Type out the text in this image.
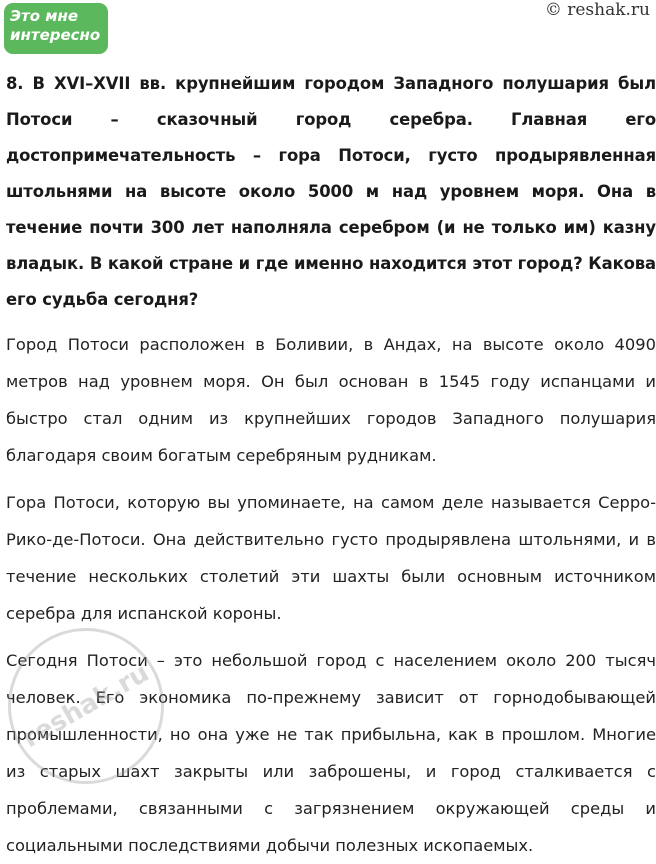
Это мне
интересно
© reshak.ru

8. В XVI–XVII вв. крупнейшим городом Западного полушария был Потоси – сказочный город серебра. Главная его достопримечательность – гора Потоси, густо продырявленная штольнями на высоте около 5000 м над уровнем моря. Она в течение почти 300 лет наполняла серебром (и не только им) казну владык. В какой стране и где именно находится этот город? Какова его судьба сегодня?

Город Потоси расположен в Боливии, в Андах, на высоте около 4090 метров над уровнем моря. Он был основан в 1545 году испанцами и быстро стал одним из крупнейших городов Западного полушария благодаря своим богатым серебряным рудникам.

Гора Потоси, которую вы упоминаете, на самом деле называется Серро-Рико-де-Потоси. Она действительно густо продырявлена штольнями, и в течение нескольких столетий эти шахты были основным источником серебра для испанской короны.

Сегодня Потоси – это небольшой город с населением около 200 тысяч человек. Его экономика по-прежнему зависит от горнодобывающей промышленности, но она уже не так прибыльна, как в прошлом. Многие из старых шахт закрыты или заброшены, и город сталкивается с проблемами, связанными с загрязнением окружающей среды и социальными последствиями добычи полезных ископаемых.

reshak.ru
